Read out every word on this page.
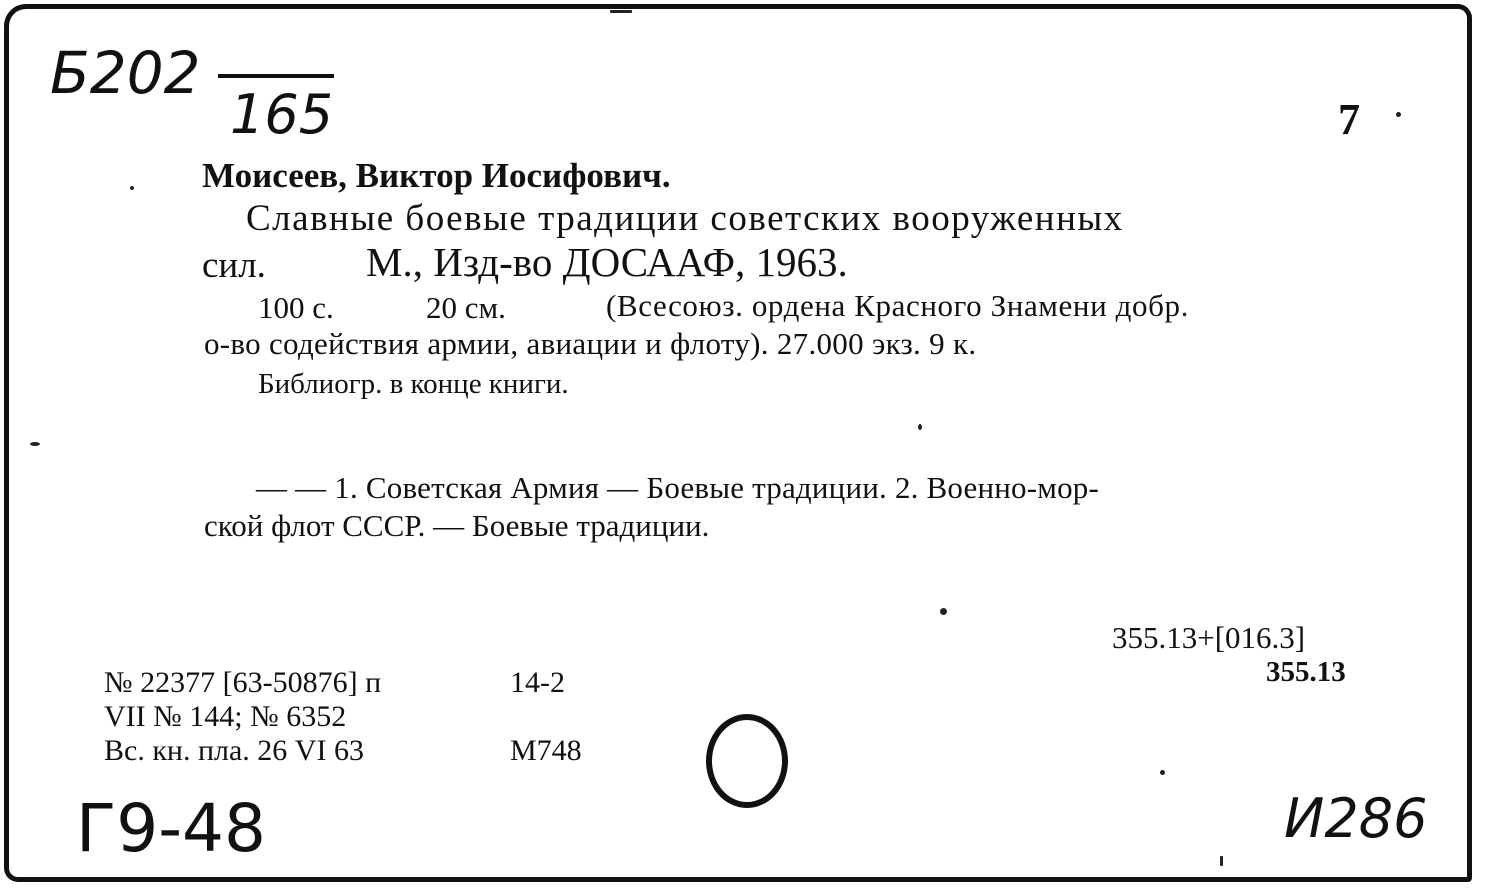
Б202
165	7
Моисеев, Виктор Иосифович.
Славные боевые традиции советских вооруженных
сил. М., Изд-во ДОСААФ, 1963.
100 с.	20 см.	(Всесоюз. ордена Красного Знамени добр.
о-во содействия армии, авиации и флоту). 27.000 экз. 9 к.
Библиогр. в конце книги.
— — 1. Советская Армия — Боевые традиции. 2. Военно-мор-
ской флот СССР. — Боевые традиции.
355.13+[016.3]
355.13
№ 22377 [63-50876] п	14-2
VII № 144; № 6352
Вс. кн. пла. 26 VI 63	М748
Г9-48	И286
